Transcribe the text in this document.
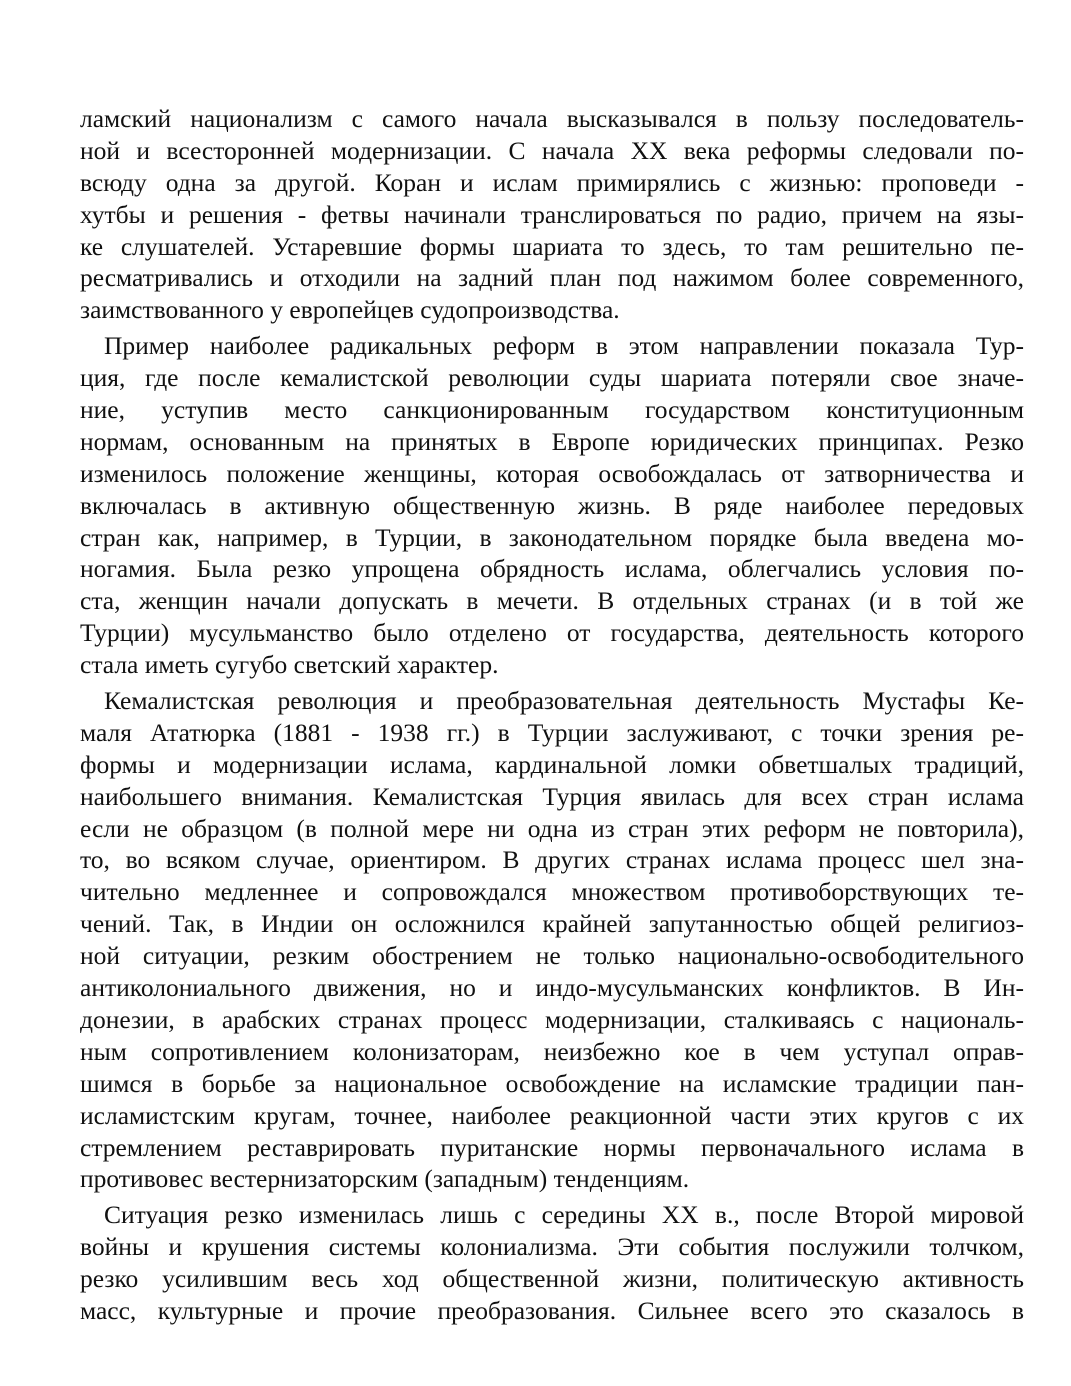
ламский национализм с самого начала высказывался в пользу последователь-
ной и всесторонней модернизации. С начала XX века реформы следовали по-
всюду одна за другой. Коран и ислам примирялись с жизнью: проповеди -
хутбы и решения - фетвы начинали транслироваться по радио, причем на язы-
ке слушателей. Устаревшие формы шариата то здесь, то там решительно пе-
ресматривались и отходили на задний план под нажимом более современного,
заимствованного у европейцев судопроизводства.
Пример наиболее радикальных реформ в этом направлении показала Тур-
ция, где после кемалистской революции суды шариата потеряли свое значе-
ние, уступив место санкционированным государством конституционным
нормам, основанным на принятых в Европе юридических принципах. Резко
изменилось положение женщины, которая освобождалась от затворничества и
включалась в активную общественную жизнь. В ряде наиболее передовых
стран как, например, в Турции, в законодательном порядке была введена мо-
ногамия. Была резко упрощена обрядность ислама, облегчались условия по-
ста, женщин начали допускать в мечети. В отдельных странах (и в той же
Турции) мусульманство было отделено от государства, деятельность которого
стала иметь сугубо светский характер.
Кемалистская революция и преобразовательная деятельность Мустафы Ке-
маля Ататюрка (1881 - 1938 гг.) в Турции заслуживают, с точки зрения ре-
формы и модернизации ислама, кардинальной ломки обветшалых традиций,
наибольшего внимания. Кемалистская Турция явилась для всех стран ислама
если не образцом (в полной мере ни одна из стран этих реформ не повторила),
то, во всяком случае, ориентиром. В других странах ислама процесс шел зна-
чительно медленнее и сопровождался множеством противоборствующих те-
чений. Так, в Индии он осложнился крайней запутанностью общей религиоз-
ной ситуации, резким обострением не только национально-освободительного
антиколониального движения, но и индо-мусульманских конфликтов. В Ин-
донезии, в арабских странах процесс модернизации, сталкиваясь с националь-
ным сопротивлением колонизаторам, неизбежно кое в чем уступал оправ-
шимся в борьбе за национальное освобождение на исламские традиции пан-
исламистским кругам, точнее, наиболее реакционной части этих кругов с их
стремлением реставрировать пуританские нормы первоначального ислама в
противовес вестернизаторским (западным) тенденциям.
Ситуация резко изменилась лишь с середины XX в., после Второй мировой
войны и крушения системы колониализма. Эти события послужили толчком,
резко усилившим весь ход общественной жизни, политическую активность
масс, культурные и прочие преобразования. Сильнее всего это сказалось в
